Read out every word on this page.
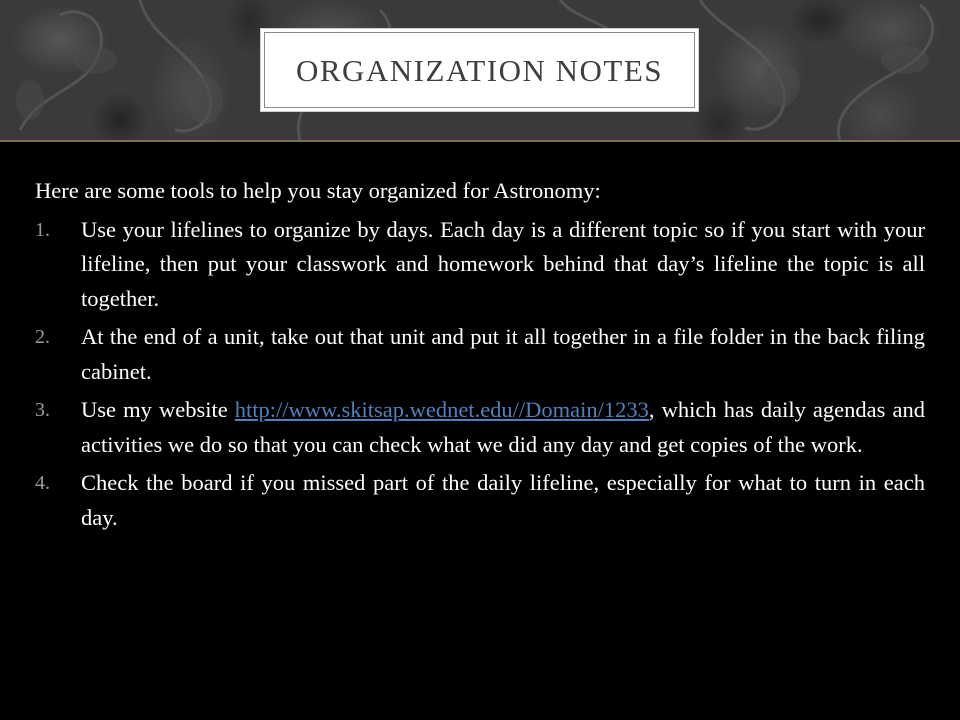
ORGANIZATION NOTES

Here are some tools to help you stay organized for Astronomy:

1. Use your lifelines to organize by days. Each day is a different topic so if you start with your lifeline, then put your classwork and homework behind that day’s lifeline the topic is all together.
2. At the end of a unit, take out that unit and put it all together in a file folder in the back filing cabinet.
3. Use my website http://www.skitsap.wednet.edu//Domain/1233, which has daily agendas and activities we do so that you can check what we did any day and get copies of the work.
4. Check the board if you missed part of the daily lifeline, especially for what to turn in each day.
